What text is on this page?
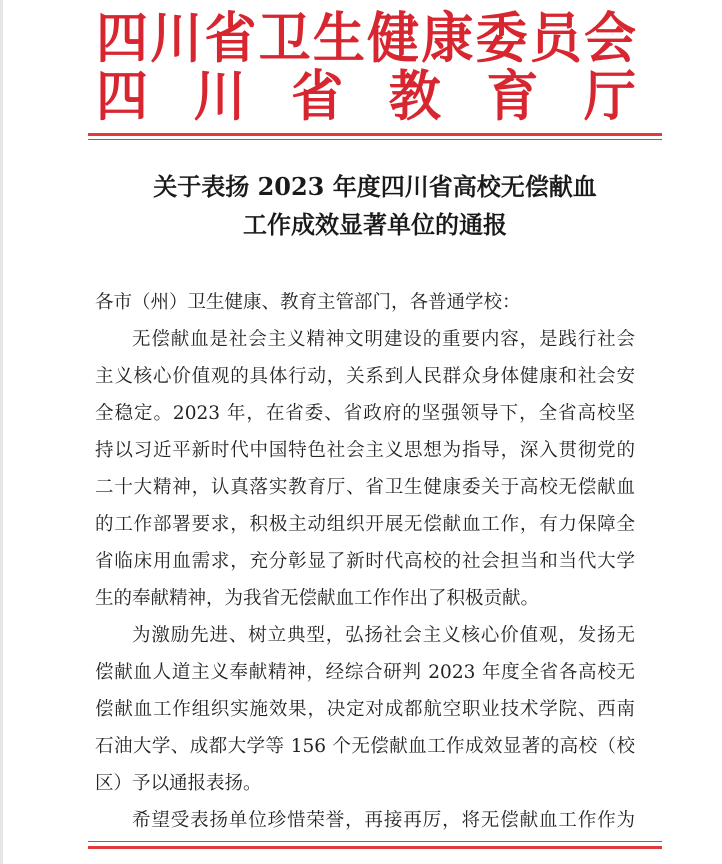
四川省卫生健康委员会
四 川 省 教 育 厅
关于表扬 2023 年度四川省高校无偿献血
工作成效显著单位的通报
各市（州）卫生健康、教育主管部门，各普通学校：
无偿献血是社会主义精神文明建设的重要内容，是践行社会
主义核心价值观的具体行动，关系到人民群众身体健康和社会安
全稳定。2023 年，在省委、省政府的坚强领导下，全省高校坚
持以习近平新时代中国特色社会主义思想为指导，深入贯彻党的
二十大精神，认真落实教育厅、省卫生健康委关于高校无偿献血
的工作部署要求，积极主动组织开展无偿献血工作，有力保障全
省临床用血需求，充分彰显了新时代高校的社会担当和当代大学
生的奉献精神，为我省无偿献血工作作出了积极贡献。
为激励先进、树立典型，弘扬社会主义核心价值观，发扬无
偿献血人道主义奉献精神，经综合研判 2023 年度全省各高校无
偿献血工作组织实施效果，决定对成都航空职业技术学院、西南
石油大学、成都大学等 156 个无偿献血工作成效显著的高校（校
区）予以通报表扬。
希望受表扬单位珍惜荣誉，再接再厉，将无偿献血工作作为
